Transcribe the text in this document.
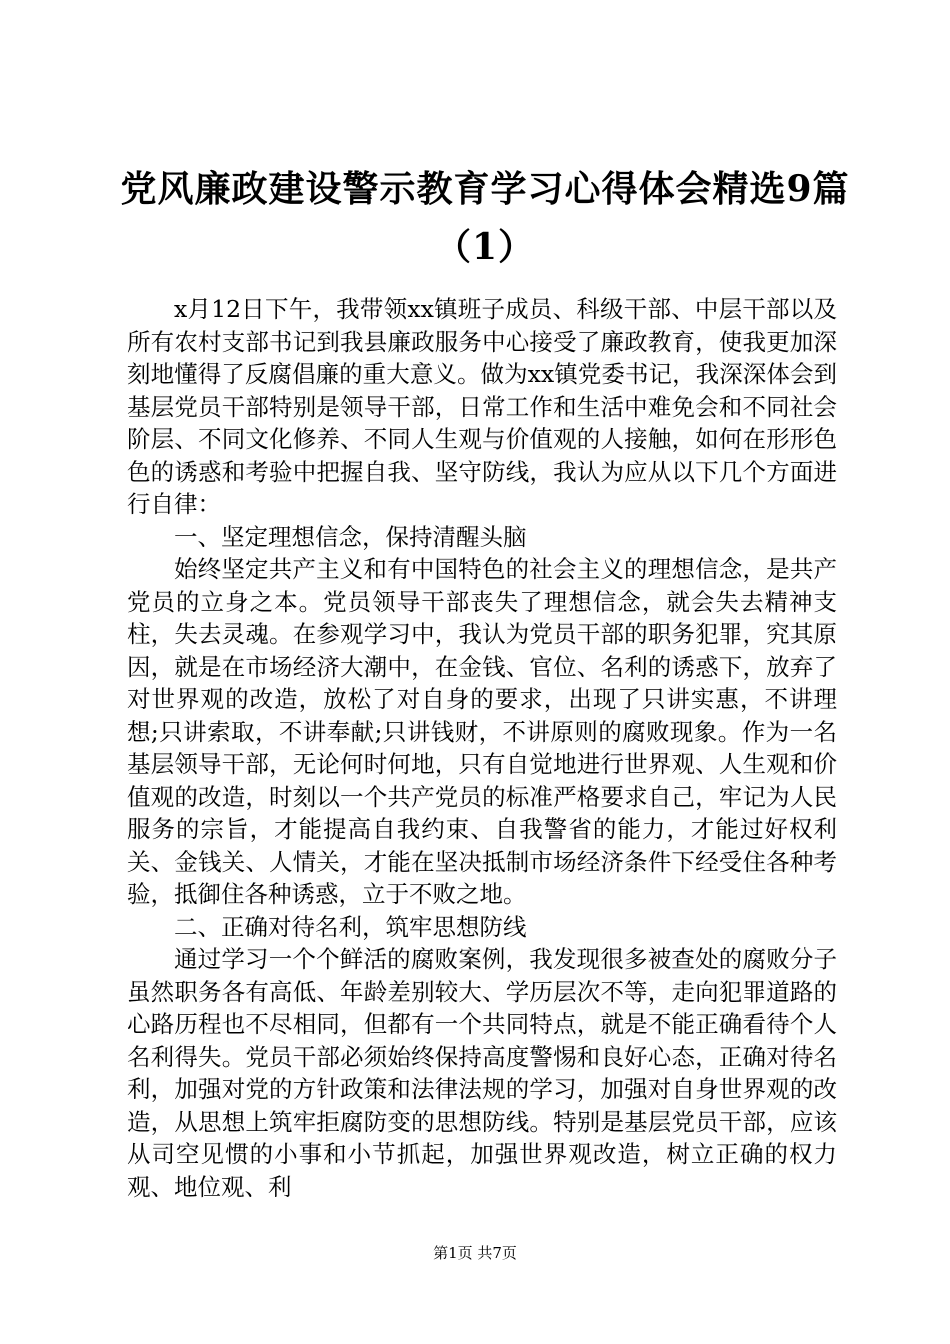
党风廉政建设警示教育学习心得体会精选9篇（1）

x月12日下午，我带领xx镇班子成员、科级干部、中层干部以及所有农村支部书记到我县廉政服务中心接受了廉政教育，使我更加深刻地懂得了反腐倡廉的重大意义。做为xx镇党委书记，我深深体会到基层党员干部特别是领导干部，日常工作和生活中难免会和不同社会阶层、不同文化修养、不同人生观与价值观的人接触，如何在形形色色的诱惑和考验中把握自我、坚守防线，我认为应从以下几个方面进行自律：

一、坚定理想信念，保持清醒头脑

始终坚定共产主义和有中国特色的社会主义的理想信念，是共产党员的立身之本。党员领导干部丧失了理想信念，就会失去精神支柱，失去灵魂。在参观学习中，我认为党员干部的职务犯罪，究其原因，就是在市场经济大潮中，在金钱、官位、名利的诱惑下，放弃了对世界观的改造，放松了对自身的要求，出现了只讲实惠，不讲理想;只讲索取，不讲奉献;只讲钱财，不讲原则的腐败现象。作为一名基层领导干部，无论何时何地，只有自觉地进行世界观、人生观和价值观的改造，时刻以一个共产党员的标准严格要求自己，牢记为人民服务的宗旨，才能提高自我约束、自我警省的能力，才能过好权利关、金钱关、人情关，才能在坚决抵制市场经济条件下经受住各种考验，抵御住各种诱惑，立于不败之地。

二、正确对待名利，筑牢思想防线

通过学习一个个鲜活的腐败案例，我发现很多被查处的腐败分子虽然职务各有高低、年龄差别较大、学历层次不等，走向犯罪道路的心路历程也不尽相同，但都有一个共同特点，就是不能正确看待个人名利得失。党员干部必须始终保持高度警惕和良好心态，正确对待名利，加强对党的方针政策和法律法规的学习，加强对自身世界观的改造，从思想上筑牢拒腐防变的思想防线。特别是基层党员干部，应该从司空见惯的小事和小节抓起，加强世界观改造，树立正确的权力观、地位观、利

第1页 共7页
